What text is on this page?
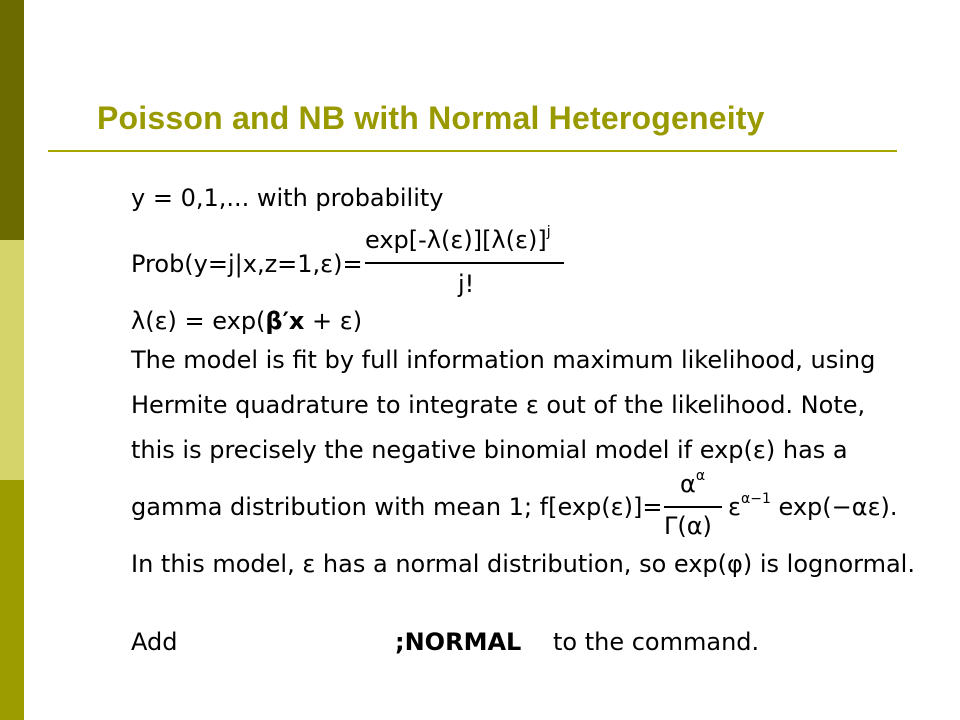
Poisson and NB with Normal Heterogeneity
y = 0,1,... with probability
Prob(y=j|x,z=1,ε)=
$\exp[-\lambda(\varepsilon)][\lambda(\varepsilon)]^j$
j!
λ(ε) = exp(β′x + ε)
The model is fit by full information maximum likelihood, using
Hermite quadrature to integrate ε out of the likelihood. Note,
this is precisely the negative binomial model if exp(ε) has a
gamma distribution with mean 1; f[exp(ε)]=
$\alpha^\alpha$
Γ(α)
$\varepsilon^{\alpha-1}$ exp(−αε).
In this model, ε has a normal distribution, so exp(φ) is lognormal.
Add	;NORMAL to the command.
